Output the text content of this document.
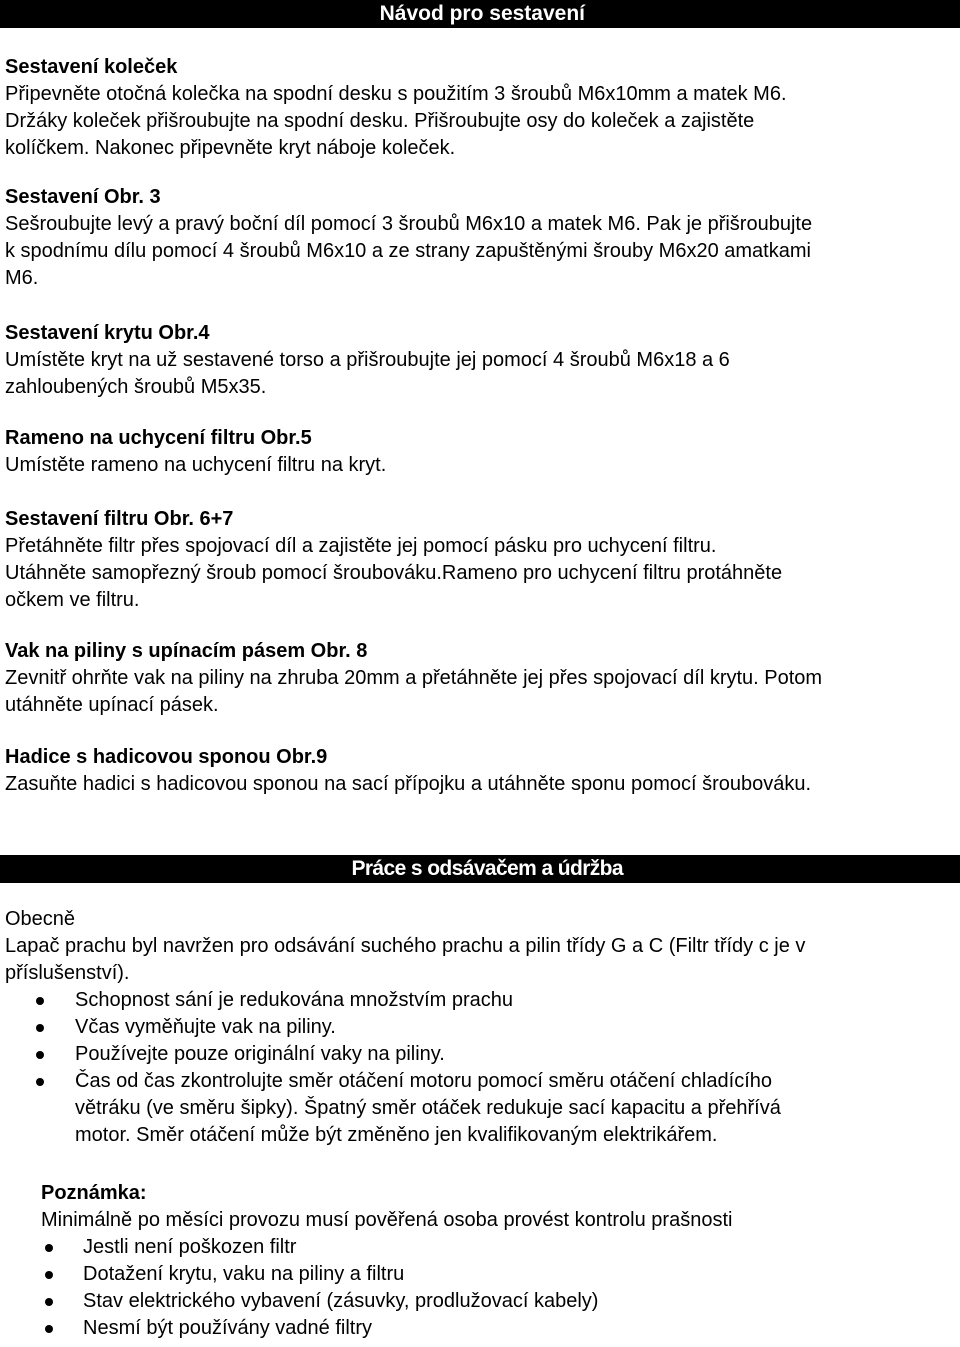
Návod pro sestavení
Sestavení koleček
Připevněte otočná kolečka na spodní desku s použitím 3 šroubů M6x10mm a matek M6.
Držáky koleček přišroubujte na spodní desku. Přišroubujte osy do koleček a zajistěte
kolíčkem. Nakonec připevněte kryt náboje koleček.
Sestavení Obr. 3
Sešroubujte levý a pravý boční díl pomocí 3 šroubů M6x10 a matek M6. Pak je přišroubujte
k spodnímu dílu pomocí 4 šroubů M6x10 a ze strany zapuštěnými šrouby M6x20 amatkami
M6.
Sestavení krytu Obr.4
Umístěte kryt na už sestavené torso a přišroubujte jej pomocí 4 šroubů M6x18 a 6
zahloubených šroubů M5x35.
Rameno na uchycení filtru Obr.5
Umístěte rameno na uchycení filtru na kryt.
Sestavení filtru Obr. 6+7
Přetáhněte filtr přes spojovací díl a zajistěte jej pomocí pásku pro uchycení filtru.
Utáhněte samopřezný šroub pomocí šroubováku.Rameno pro uchycení filtru protáhněte
očkem ve filtru.
Vak na piliny s upínacím pásem Obr. 8
Zevnitř ohrňte vak na piliny na zhruba 20mm a přetáhněte jej přes spojovací díl krytu. Potom
utáhněte upínací pásek.
Hadice s hadicovou sponou Obr.9
Zasuňte hadici s hadicovou sponou na sací přípojku a utáhněte sponu pomocí šroubováku.
Práce s odsávačem a údržba
Obecně
Lapač prachu byl navržen pro odsávání suchého prachu a pilin třídy G a C (Filtr třídy c je v
příslušenství).
Schopnost sání je redukována množstvím prachu
Včas vyměňujte vak na piliny.
Používejte pouze originální vaky na piliny.
Čas od čas zkontrolujte směr otáčení motoru pomocí směru otáčení chladícího
větráku (ve směru šipky). Špatný směr otáček redukuje sací kapacitu a přehřívá
motor. Směr otáčení může být změněno jen kvalifikovaným elektrikářem.
Poznámka:
Minimálně po měsíci provozu musí pověřená osoba provést kontrolu prašnosti
Jestli není poškozen filtr
Dotažení krytu, vaku na piliny a filtru
Stav elektrického vybavení (zásuvky, prodlužovací kabely)
Nesmí být používány vadné filtry
